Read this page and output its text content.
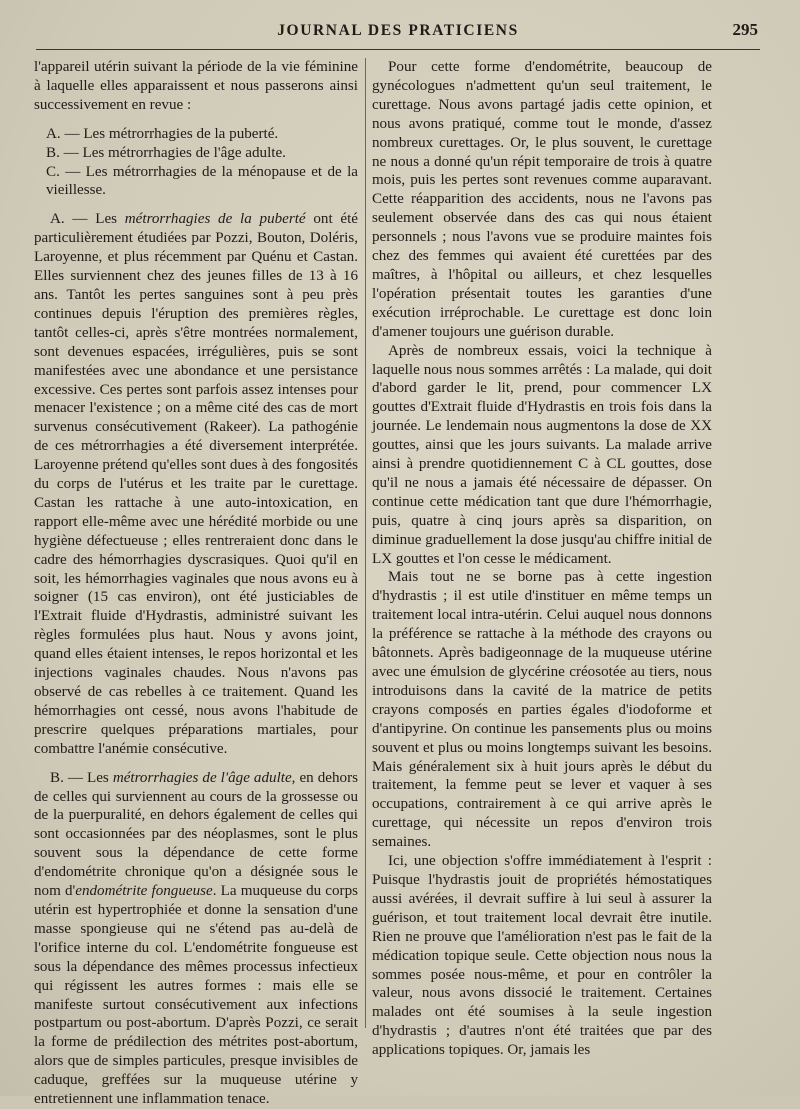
JOURNAL DES PRATICIENS	295

l'appareil utérin suivant la période de la vie féminine à laquelle elles apparaissent et nous passerons ainsi successivement en revue :

A. — Les métrorrhagies de la puberté.

B. — Les métrorrhagies de l'âge adulte.

C. — Les métrorrhagies de la ménopause et de la vieillesse.

A. — Les métrorrhagies de la puberté ont été particulièrement étudiées par Pozzi, Bouton, Doléris, Laroyenne, et plus récemment par Quénu et Castan. Elles surviennent chez des jeunes filles de 13 à 16 ans. Tantôt les pertes sanguines sont à peu près continues depuis l'éruption des premières règles, tantôt celles-ci, après s'être montrées normalement, sont devenues espacées, irrégulières, puis se sont manifestées avec une abondance et une persistance excessive. Ces pertes sont parfois assez intenses pour menacer l'existence ; on a même cité des cas de mort survenus consécutivement (Rakeer). La pathogénie de ces métrorrhagies a été diversement interprétée. Laroyenne prétend qu'elles sont dues à des fongosités du corps de l'utérus et les traite par le curettage. Castan les rattache à une auto-intoxication, en rapport elle-même avec une hérédité morbide ou une hygiène défectueuse ; elles rentreraient donc dans le cadre des hémorrhagies dyscrasiques. Quoi qu'il en soit, les hémorrhagies vaginales que nous avons eu à soigner (15 cas environ), ont été justiciables de l'Extrait fluide d'Hydrastis, administré suivant les règles formulées plus haut. Nous y avons joint, quand elles étaient intenses, le repos horizontal et les injections vaginales chaudes. Nous n'avons pas observé de cas rebelles à ce traitement. Quand les hémorrhagies ont cessé, nous avons l'habitude de prescrire quelques préparations martiales, pour combattre l'anémie consécutive.

B. — Les métrorrhagies de l'âge adulte, en dehors de celles qui surviennent au cours de la grossesse ou de la puerpuralité, en dehors également de celles qui sont occasionnées par des néoplasmes, sont le plus souvent sous la dépendance de cette forme d'endométrite chronique qu'on a désignée sous le nom d'endométrite fongueuse. La muqueuse du corps utérin est hypertrophiée et donne la sensation d'une masse spongieuse qui ne s'étend pas au-delà de l'orifice interne du col. L'endométrite fongueuse est sous la dépendance des mêmes processus infectieux qui régissent les autres formes : mais elle se manifeste surtout consécutivement aux infections postpartum ou post-abortum. D'après Pozzi, ce serait la forme de prédilection des métrites post-abortum, alors que de simples particules, presque invisibles de caduque, greffées sur la muqueuse utérine y entretiennent une inflammation tenace.

Pour cette forme d'endométrite, beaucoup de gynécologues n'admettent qu'un seul traitement, le curettage. Nous avons partagé jadis cette opinion, et nous avons pratiqué, comme tout le monde, d'assez nombreux curettages. Or, le plus souvent, le curettage ne nous a donné qu'un répit temporaire de trois à quatre mois, puis les pertes sont revenues comme auparavant. Cette réapparition des accidents, nous ne l'avons pas seulement observée dans des cas qui nous étaient personnels ; nous l'avons vue se produire maintes fois chez des femmes qui avaient été curettées par des maîtres, à l'hôpital ou ailleurs, et chez lesquelles l'opération présentait toutes les garanties d'une exécution irréprochable. Le curettage est donc loin d'amener toujours une guérison durable.

Après de nombreux essais, voici la technique à laquelle nous nous sommes arrêtés : La malade, qui doit d'abord garder le lit, prend, pour commencer LX gouttes d'Extrait fluide d'Hydrastis en trois fois dans la journée. Le lendemain nous augmentons la dose de XX gouttes, ainsi que les jours suivants. La malade arrive ainsi à prendre quotidiennement C à CL gouttes, dose qu'il ne nous a jamais été nécessaire de dépasser. On continue cette médication tant que dure l'hémorrhagie, puis, quatre à cinq jours après sa disparition, on diminue graduellement la dose jusqu'au chiffre initial de LX gouttes et l'on cesse le médicament.

Mais tout ne se borne pas à cette ingestion d'hydrastis ; il est utile d'instituer en même temps un traitement local intra-utérin. Celui auquel nous donnons la préférence se rattache à la méthode des crayons ou bâtonnets. Après badigeonnage de la muqueuse utérine avec une émulsion de glycérine créosotée au tiers, nous introduisons dans la cavité de la matrice de petits crayons composés en parties égales d'iodoforme et d'antipyrine. On continue les pansements plus ou moins souvent et plus ou moins longtemps suivant les besoins. Mais généralement six à huit jours après le début du traitement, la femme peut se lever et vaquer à ses occupations, contrairement à ce qui arrive après le curettage, qui nécessite un repos d'environ trois semaines.

Ici, une objection s'offre immédiatement à l'esprit : Puisque l'hydrastis jouit de propriétés hémostatiques aussi avérées, il devrait suffire à lui seul à assurer la guérison, et tout traitement local devrait être inutile. Rien ne prouve que l'amélioration n'est pas le fait de la médication topique seule. Cette objection nous nous la sommes posée nous-même, et pour en contrôler la valeur, nous avons dissocié le traitement. Certaines malades ont été soumises à la seule ingestion d'hydrastis ; d'autres n'ont été traitées que par des applications topiques. Or, jamais les
